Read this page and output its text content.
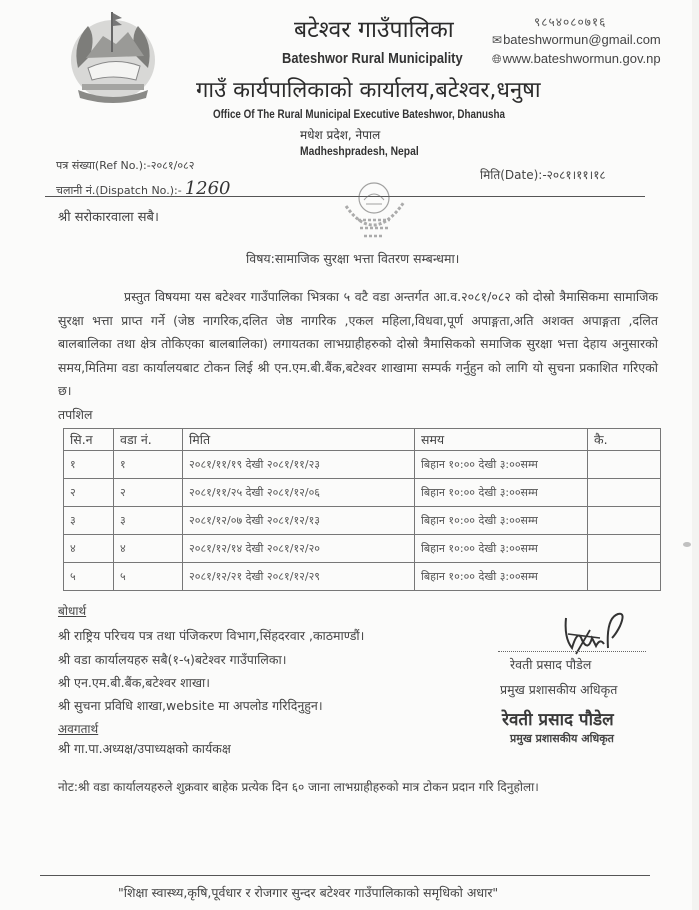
बटेश्वर गाउँपालिका
Bateshwor Rural Municipality
गाउँ कार्यपालिकाको कार्यालय,बटेश्वर,धनुषा
Office Of The Rural Municipal Executive Bateshwor, Dhanusha
मधेश प्रदेश, नेपाल
Madheshpradesh, Nepal
९८५४०८०७१६
✉bateshwormun@gmail.com
🌐︎www.bateshwormun.gov.np
पत्र संख्या(Ref No.):-२०८१/०८२
चलानी नं.(Dispatch No.):- 1260
मिति(Date):-२०८१।११।१८
श्री सरोकारवाला सबै।
विषय:सामाजिक सुरक्षा भत्ता वितरण सम्बन्धमा।
प्रस्तुत विषयमा यस बटेश्वर गाउँपालिका भित्रका ५ वटै वडा अन्तर्गत आ.व.२०८१/०८२ को दोस्रो त्रैमासिकमा सामाजिक सुरक्षा भत्ता प्राप्त गर्ने (जेष्ठ नागरिक,दलित जेष्ठ नागरिक ,एकल महिला,विधवा,पूर्ण अपाङ्गता,अति अशक्त अपाङ्गता ,दलित बालबालिका तथा क्षेत्र तोकिएका बालबालिका) लगायतका लाभग्राहीहरुको दोस्रो त्रैमासिकको समाजिक सुरक्षा भत्ता देहाय अनुसारको समय,मितिमा वडा कार्यालयबाट टोकन लिई श्री एन.एम.बी.बैंक,बटेश्वर शाखामा सम्पर्क गर्नुहुन को लागि यो सुचना प्रकाशित गरिएको छ।
तपशिल
सि.न	वडा नं.	मिति	समय	कै.
१	१	२०८१/११/१९ देखी २०८१/११/२३	बिहान १०:०० देखी ३:००सम्म	
२	२	२०८१/११/२५ देखी २०८१/१२/०६	बिहान १०:०० देखी ३:००सम्म	
३	३	२०८१/१२/०७ देखी २०८१/१२/१३	बिहान १०:०० देखी ३:००सम्म	
४	४	२०८१/१२/१४ देखी २०८१/१२/२०	बिहान १०:०० देखी ३:००सम्म	
५	५	२०८१/१२/२१ देखी २०८१/१२/२९	बिहान १०:०० देखी ३:००सम्म	
बोधार्थ
श्री राष्ट्रिय परिचय पत्र तथा पंजिकरण विभाग,सिंहदरवार ,काठमाण्डौं।
श्री वडा कार्यालयहरु सबै(१-५)बटेश्वर गाउँपालिका।
श्री एन.एम.बी.बैंक,बटेश्वर शाखा।
श्री सुचना प्रविधि शाखा,website मा अपलोड गरिदिनुहुन।
अवगतार्थ
श्री गा.पा.अध्यक्ष/उपाध्यक्षको कार्यकक्ष
रेवती प्रसाद पौडेल
प्रमुख प्रशासकीय अधिकृत
रेवती प्रसाद पौडेल
प्रमुख प्रशासकीय अधिकृत
नोट:श्री वडा कार्यालयहरुले शुक्रवार बाहेक प्रत्येक दिन ६० जाना लाभग्राहीहरुको मात्र टोकन प्रदान गरि दिनुहोला।
"शिक्षा स्वास्थ्य,कृषि,पूर्वधार र रोजगार सुन्दर बटेश्वर गाउँपालिकाको समृधिको अधार"
